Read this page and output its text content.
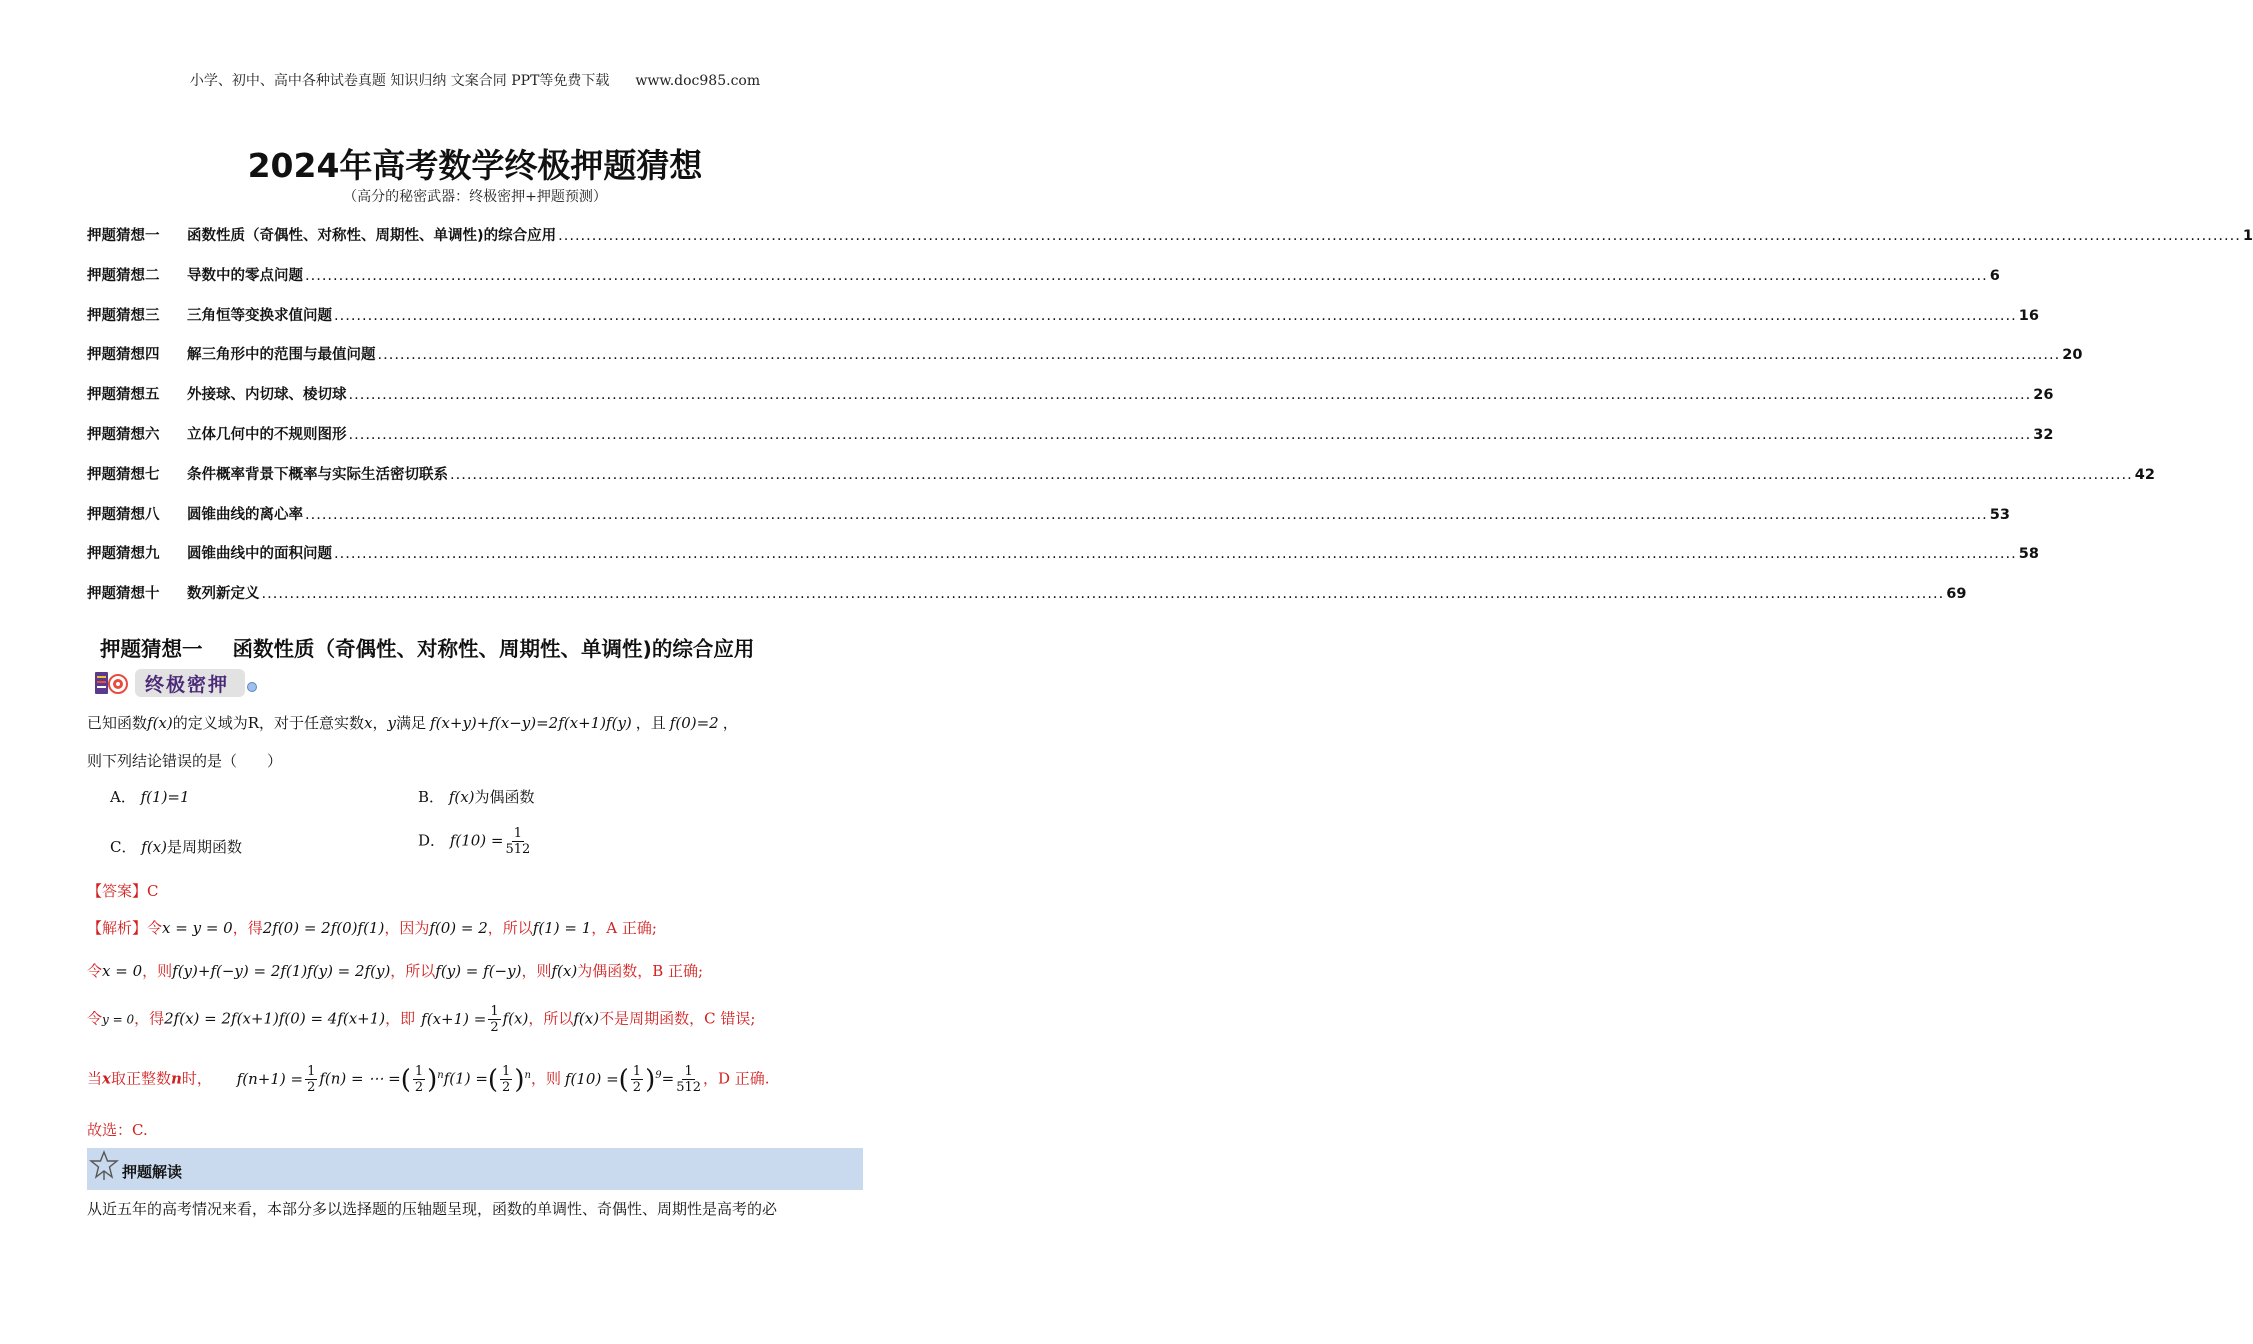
小学、初中、高中各种试卷真题 知识归纳 文案合同 PPT等免费下载 www.doc985.com
2024年高考数学终极押题猜想
（高分的秘密武器：终极密押+押题预测）
押题猜想一	函数性质（奇偶性、对称性、周期性、单调性)的综合应用 ............................................................................................................................................................................................................................................................................................................ 1
押题猜想二	导数中的零点问题 ............................................................................................................................................................................................................................................................................................................ 6
押题猜想三	三角恒等变换求值问题 ............................................................................................................................................................................................................................................................................................................ 16
押题猜想四	解三角形中的范围与最值问题 ............................................................................................................................................................................................................................................................................................................ 20
押题猜想五	外接球、内切球、棱切球 ............................................................................................................................................................................................................................................................................................................ 26
押题猜想六	立体几何中的不规则图形 ............................................................................................................................................................................................................................................................................................................ 32
押题猜想七	条件概率背景下概率与实际生活密切联系 ............................................................................................................................................................................................................................................................................................................ 42
押题猜想八	圆锥曲线的离心率 ............................................................................................................................................................................................................................................................................................................ 53
押题猜想九	圆锥曲线中的面积问题 ............................................................................................................................................................................................................................................................................................................ 58
押题猜想十	数列新定义 ............................................................................................................................................................................................................................................................................................................ 69
押题猜想一 函数性质（奇偶性、对称性、周期性、单调性)的综合应用
终极密押
已知函数f(x)的定义域为R，对于任意实数x，y满足 f(x+y)+f(x−y)=2f(x+1)f(y) ，且 f(0)=2 ，
则下列结论错误的是（　　）
A． f(1)=1	B． f(x)为偶函数
C． f(x)是周期函数	D． $f(10) = \frac{1}{512}$
【答案】C
【解析】令x = y = 0，得2f(0) = 2f(0)f(1)，因为f(0) = 2，所以f(1) = 1，A 正确;
令x = 0，则f(y)+f(−y) = 2f(1)f(y) = 2f(y)，所以f(y) = f(−y)，则f(x)为偶函数，B 正确;
令y = 0，得2f(x) = 2f(x+1)f(0) = 4f(x+1)，即 $f(x+1) = \frac{1}{2} f(x)$，所以f(x)不是周期函数，C 错误;
当x取正整数n时， $f(n+1) = \frac{1}{2} f(n)$ = ⋯ =( $\frac{1}{2} )^nf(1)$ =( $\frac{1}{2} )^n$，则 f(10) =( $\frac{1}{2} )^9= \frac{1}{512}$ ，D 正确.
故选：C.
押题解读
从近五年的高考情况来看，本部分多以选择题的压轴题呈现，函数的单调性、奇偶性、周期性是高考的必
